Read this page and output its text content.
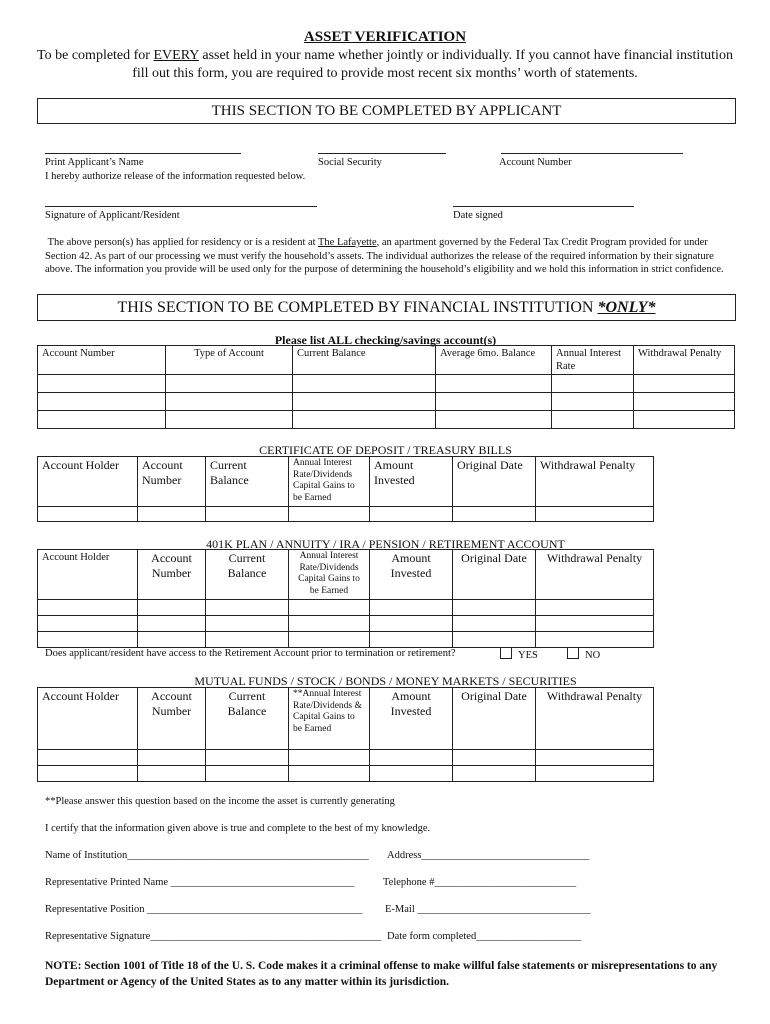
ASSET VERIFICATION
To be completed for EVERY asset held in your name whether jointly or individually. If you cannot have financial institution fill out this form, you are required to provide most recent six months’ worth of statements.
THIS SECTION TO BE COMPLETED BY APPLICANT
Print Applicant’s Name	Social Security	Account Number
I hereby authorize release of the information requested below.
Signature of Applicant/Resident	Date signed
The above person(s) has applied for residency or is a resident at The Lafayette, an apartment governed by the Federal Tax Credit Program provided for under Section 42. As part of our processing we must verify the household’s assets. The individual authorizes the release of the required information by their signature above. The information you provide will be used only for the purpose of determining the household’s eligibility and we hold this information in strict confidence.
THIS SECTION TO BE COMPLETED BY FINANCIAL INSTITUTION *ONLY*
Please list ALL checking/savings account(s)
Account Number	Type of Account	Current Balance	Average 6mo. Balance	Annual Interest Rate	Withdrawal Penalty

CERTIFICATE OF DEPOSIT / TREASURY BILLS
Account Holder	Account Number	Current Balance	Annual Interest Rate/Dividends Capital Gains to be Earned	Amount Invested	Original Date	Withdrawal Penalty

401K PLAN / ANNUITY / IRA / PENSION / RETIREMENT ACCOUNT
Account Holder	Account Number	Current Balance	Annual Interest Rate/Dividends Capital Gains to be Earned	Amount Invested	Original Date	Withdrawal Penalty

Does applicant/resident have access to the Retirement Account prior to termination or retirement?	YES	NO
MUTUAL FUNDS / STOCK / BONDS / MONEY MARKETS / SECURITIES
Account Holder	Account Number	Current Balance	**Annual Interest Rate/Dividends & Capital Gains to be Earned	Amount Invested	Original Date	Withdrawal Penalty

**Please answer this question based on the income the asset is currently generating
I certify that the information given above is true and complete to the best of my knowledge.
Name of Institution______________________________________________ Address________________________________
Representative Printed Name ___________________________________	Telephone #___________________________
Representative Position _________________________________________ E-Mail _________________________________
Representative Signature____________________________________________ Date form completed____________________
NOTE: Section 1001 of Title 18 of the U. S. Code makes it a criminal offense to make willful false statements or misrepresentations to any Department or Agency of the United States as to any matter within its jurisdiction.
